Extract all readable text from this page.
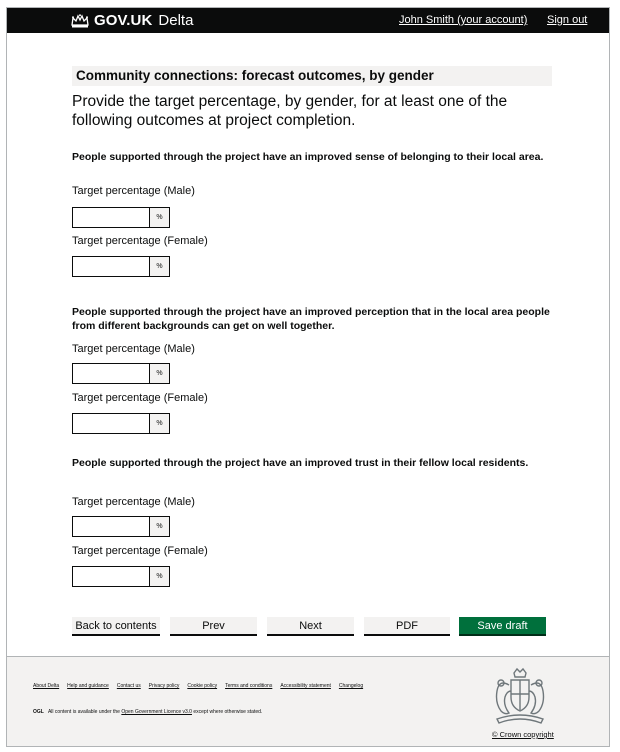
GOV.UK Delta	John Smith (your account) Sign out
Community connections: forecast outcomes, by gender

Provide the target percentage, by gender, for at least one of the following outcomes at project completion.

People supported through the project have an improved sense of belonging to their local area.

Target percentage (Male)
%
Target percentage (Female)
%

People supported through the project have an improved perception that in the local area people from different backgrounds can get on well together.

Target percentage (Male)
%
Target percentage (Female)
%

People supported through the project have an improved trust in their fellow local residents.

Target percentage (Male)
%
Target percentage (Female)
%
Back to contents	Prev	Next	PDF	Save draft
About Delta Help and guidance Contact us Privacy policy Cookie policy Terms and conditions Accessibility statement Changelog

OGL All content is available under the Open Government Licence v3.0 except where otherwise stated.

© Crown copyright
